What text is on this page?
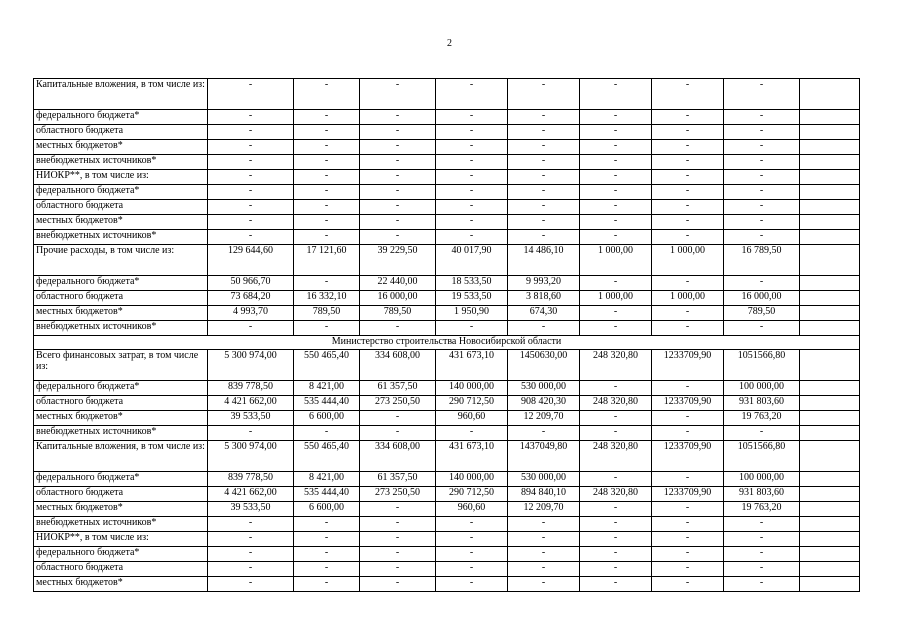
2
Капитальные вложения, в том числе из:	-	-	-	-	-	-	-	-	
федерального бюджета*	-	-	-	-	-	-	-	-	
областного бюджета	-	-	-	-	-	-	-	-	
местных бюджетов*	-	-	-	-	-	-	-	-	
внебюджетных источников*	-	-	-	-	-	-	-	-	
НИОКР**, в том числе из:	-	-	-	-	-	-	-	-	
федерального бюджета*	-	-	-	-	-	-	-	-	
областного бюджета	-	-	-	-	-	-	-	-	
местных бюджетов*	-	-	-	-	-	-	-	-	
внебюджетных источников*	-	-	-	-	-	-	-	-	
Прочие расходы, в том числе из:	129 644,60	17 121,60	39 229,50	40 017,90	14 486,10	1 000,00	1 000,00	16 789,50	
федерального бюджета*	50 966,70	-	22 440,00	18 533,50	9 993,20	-	-	-	
областного бюджета	73 684,20	16 332,10	16 000,00	19 533,50	3 818,60	1 000,00	1 000,00	16 000,00	
местных бюджетов*	4 993,70	789,50	789,50	1 950,90	674,30	-	-	789,50	
внебюджетных источников*	-	-	-	-	-	-	-	-	
Министерство строительства Новосибирской области									
Всего финансовых затрат, в том числе из:	5 300 974,00	550 465,40	334 608,00	431 673,10	1450630,00	248 320,80	1233709,90	1051566,80	
федерального бюджета*	839 778,50	8 421,00	61 357,50	140 000,00	530 000,00	-	-	100 000,00	
областного бюджета	4 421 662,00	535 444,40	273 250,50	290 712,50	908 420,30	248 320,80	1233709,90	931 803,60	
местных бюджетов*	39 533,50	6 600,00	-	960,60	12 209,70	-	-	19 763,20	
внебюджетных источников*	-	-	-	-	-	-	-	-	
Капитальные вложения, в том числе из:	5 300 974,00	550 465,40	334 608,00	431 673,10	1437049,80	248 320,80	1233709,90	1051566,80	
федерального бюджета*	839 778,50	8 421,00	61 357,50	140 000,00	530 000,00	-	-	100 000,00	
областного бюджета	4 421 662,00	535 444,40	273 250,50	290 712,50	894 840,10	248 320,80	1233709,90	931 803,60	
местных бюджетов*	39 533,50	6 600,00	-	960,60	12 209,70	-	-	19 763,20	
внебюджетных источников*	-	-	-	-	-	-	-	-	
НИОКР**, в том числе из:	-	-	-	-	-	-	-	-	
федерального бюджета*	-	-	-	-	-	-	-	-	
областного бюджета	-	-	-	-	-	-	-	-	
местных бюджетов*	-	-	-	-	-	-	-	-	
